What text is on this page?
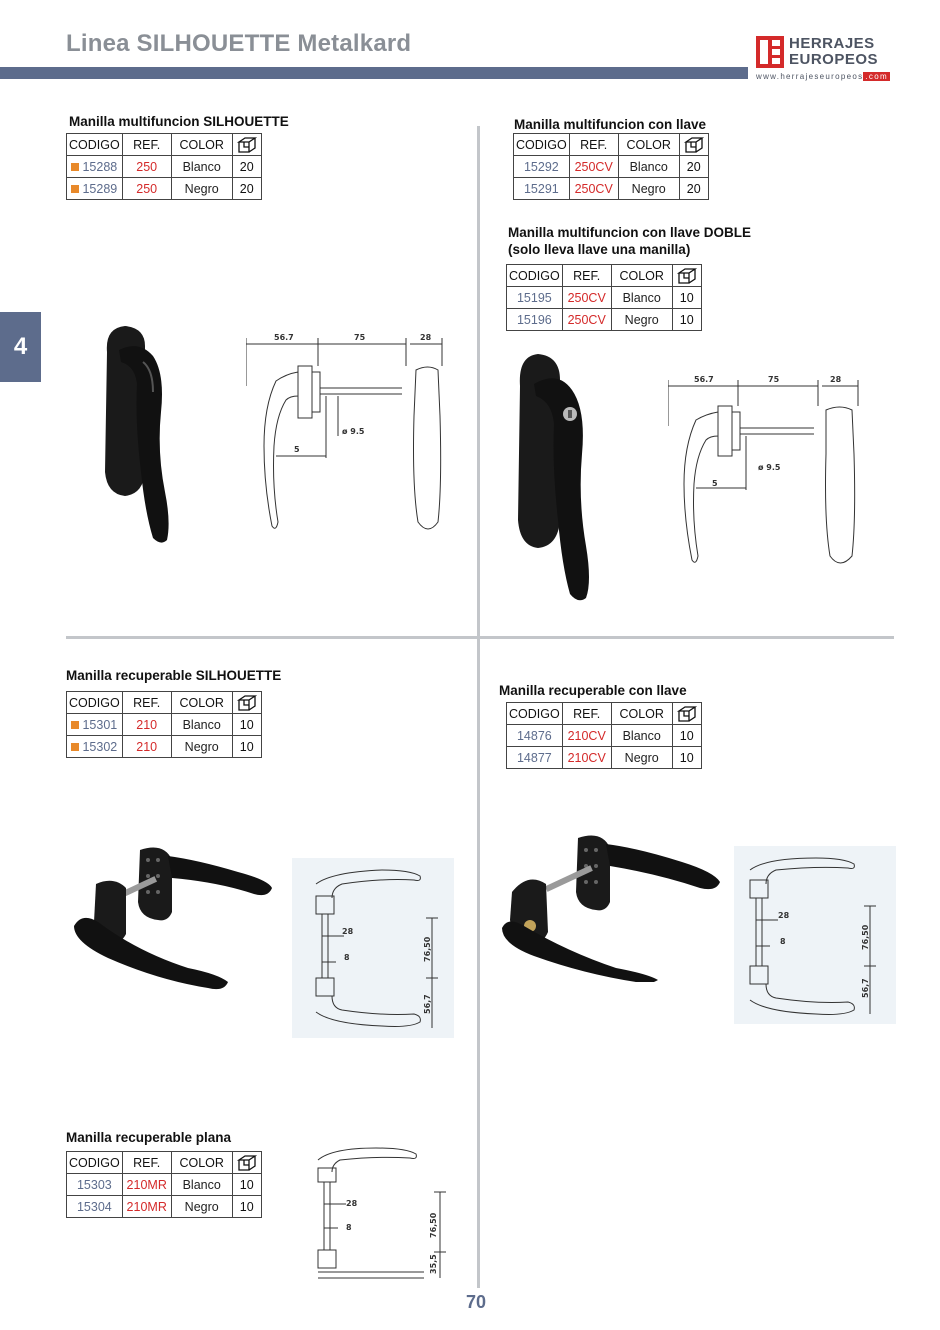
Linea SILHOUETTE Metalkard	HERRAJES
EUROPEOS
www.herrajeseuropeos .com
4
70
Manilla multifuncion SILHOUETTE	Manilla multifuncion con llave
Manilla multifuncion con llave DOBLE
(solo lleva llave una manilla)
Manilla recuperable SILHOUETTE
Manilla recuperable con llave
Manilla recuperable plana
CODIGO	REF.	COLOR	

15288	250	Blanco	20
15289	250	Negro	20
CODIGO	REF.	COLOR	

15292	250CV	Blanco	20
15291	250CV	Negro	20
CODIGO	REF.	COLOR	

15195	250CV	Blanco	10
15196	250CV	Negro	10
CODIGO	REF.	COLOR	

15301	210	Blanco	10
15302	210	Negro	10
CODIGO	REF.	COLOR	

14876	210CV	Blanco	10
14877	210CV	Negro	10
CODIGO	REF.	COLOR	

15303	210MR	Blanco	10
15304	210MR	Negro	10
56.7	75	28
ø 9.5
5
56.7	75	28
ø 9.5
5
28
8	76,50
56,7
28
8	76,50
56,7
28
8	76,50
35,5
